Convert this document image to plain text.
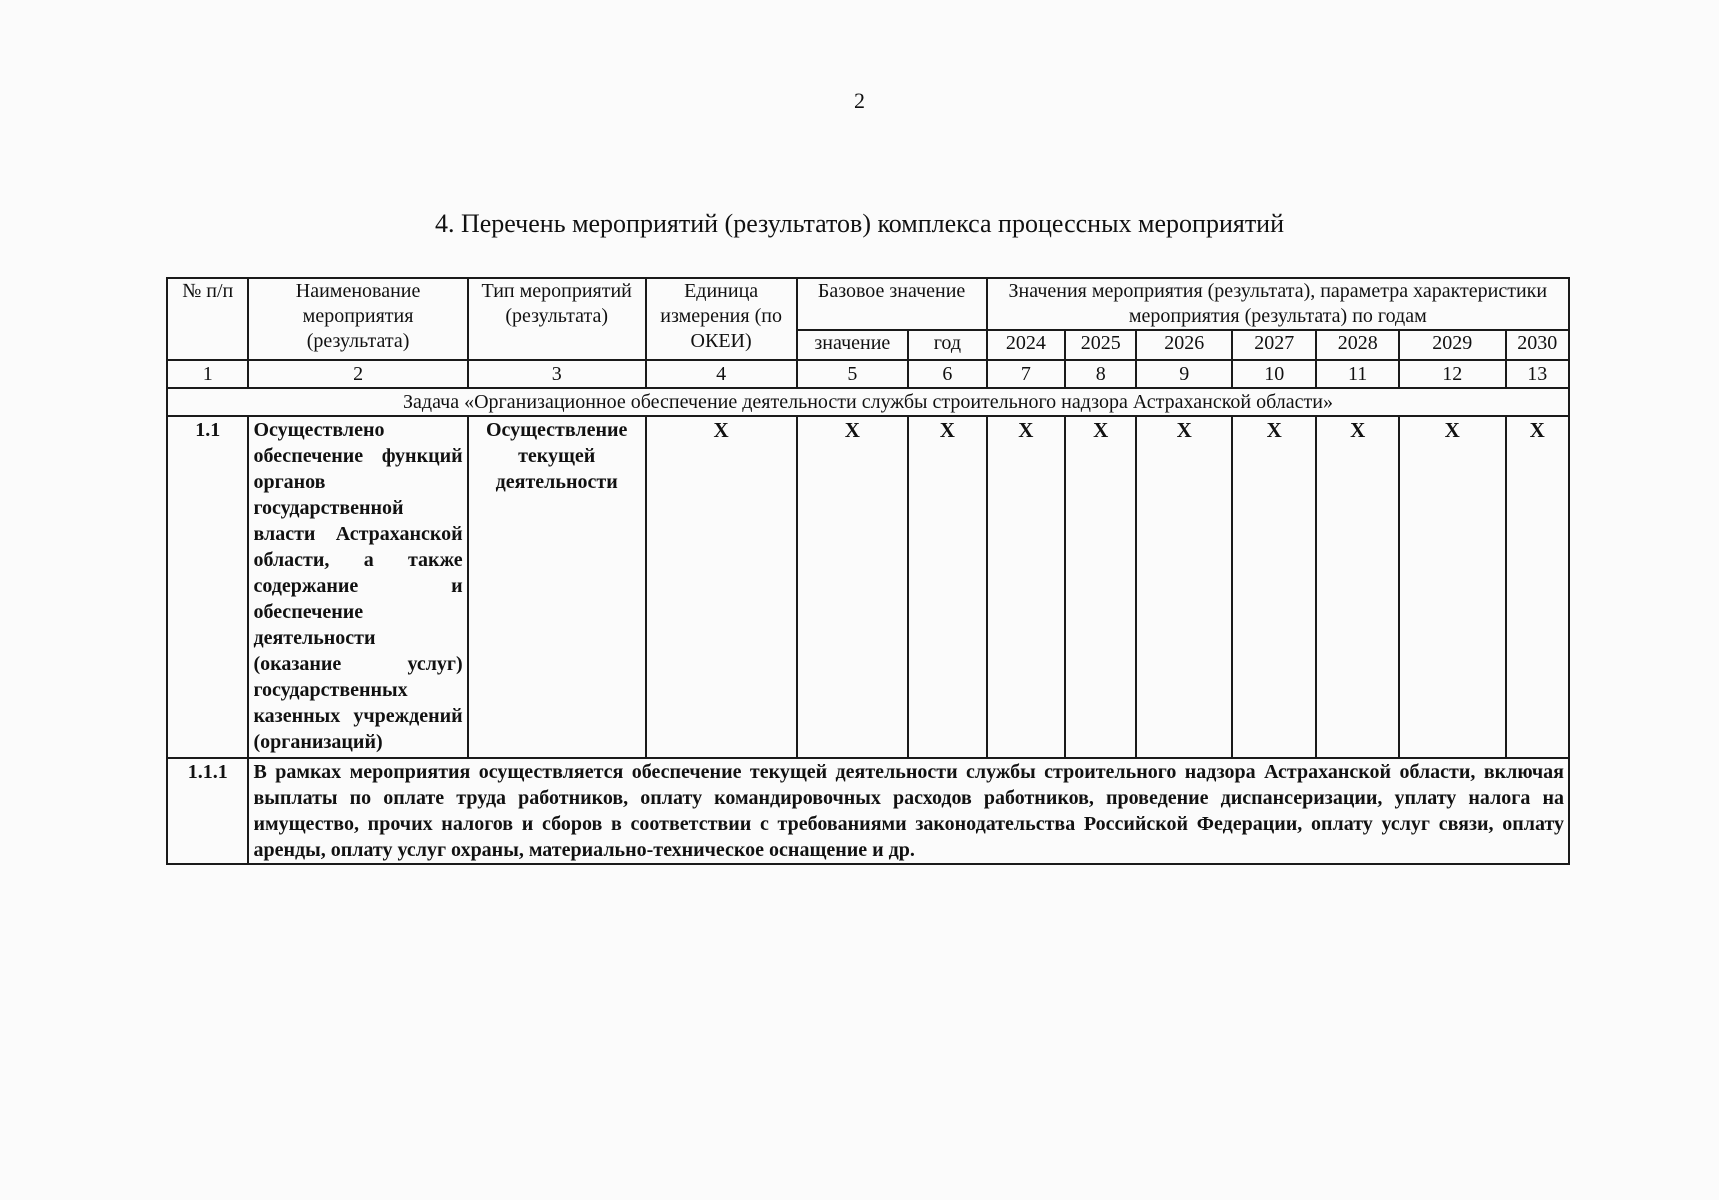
2
4. Перечень мероприятий (результатов) комплекса процессных мероприятий
№ п/п	Наименование мероприятия (результата)	Тип мероприятий (результата)	Единица измерения (по ОКЕИ)	Базовое значение		Значения мероприятия (результата), параметра характеристики мероприятия (результата) по годам						
				значение	год	2024	2025	2026	2027	2028	2029	2030
1	2	3	4	5	6	7	8	9	10	11	12	13
Задача «Организационное обеспечение деятельности службы строительного надзора Астраханской области»												
1.1	Осуществлено обеспечение функций органов государственной власти Астраханской области, а также содержание и обеспечение деятельности (оказание услуг) государственных казенных учреждений (организаций)	Осуществление текущей деятельности	X	X	X	X	X	X	X	X	X	X
1.1.1	В рамках мероприятия осуществляется обеспечение текущей деятельности службы строительного надзора Астраханской области, включая выплаты по оплате труда работников, оплату командировочных расходов работников, проведение диспансеризации, уплату налога на имущество, прочих налогов и сборов в соответствии с требованиями законодательства Российской Федерации, оплату услуг связи, оплату аренды, оплату услуг охраны, материально-техническое оснащение и др.											
